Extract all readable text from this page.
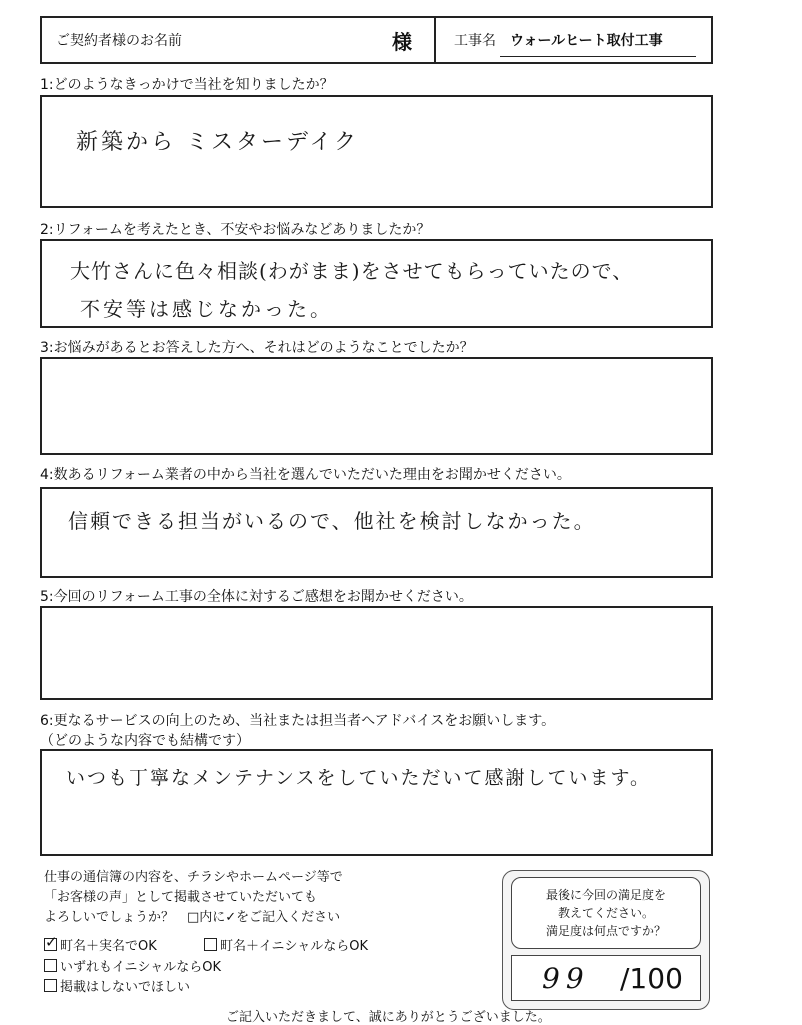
ご契約者様のお名前	様	工事名	ウォールヒート取付工事
1:どのようなきっかけで当社を知りましたか？
新築から ミスターデイク
2:リフォームを考えたとき、不安やお悩みなどありましたか？
大竹さんに色々相談(わがまま)をさせてもらっていたので、
不安等は感じなかった。
3:お悩みがあるとお答えした方へ、それはどのようなことでしたか？
4:数あるリフォーム業者の中から当社を選んでいただいた理由をお聞かせください。
信頼できる担当がいるので、他社を検討しなかった。
5:今回のリフォーム工事の全体に対するご感想をお聞かせください。
6:更なるサービスの向上のため、当社または担当者へアドバイスをお願いします。
（どのような内容でも結構です）
いつも丁寧なメンテナンスをしていただいて感謝しています。
仕事の通信簿の内容を、チラシやホームページ等で
「お客様の声」として掲載させていただいても
よろしいでしょうか？　□内に✓をご記入ください
✓町名＋実名でOK	町名＋イニシャルならOK
いずれもイニシャルならOK
掲載はしないでほしい
最後に今回の満足度を
教えてください。
満足度は何点ですか？
99 /100
ご記入いただきまして、誠にありがとうございました。
